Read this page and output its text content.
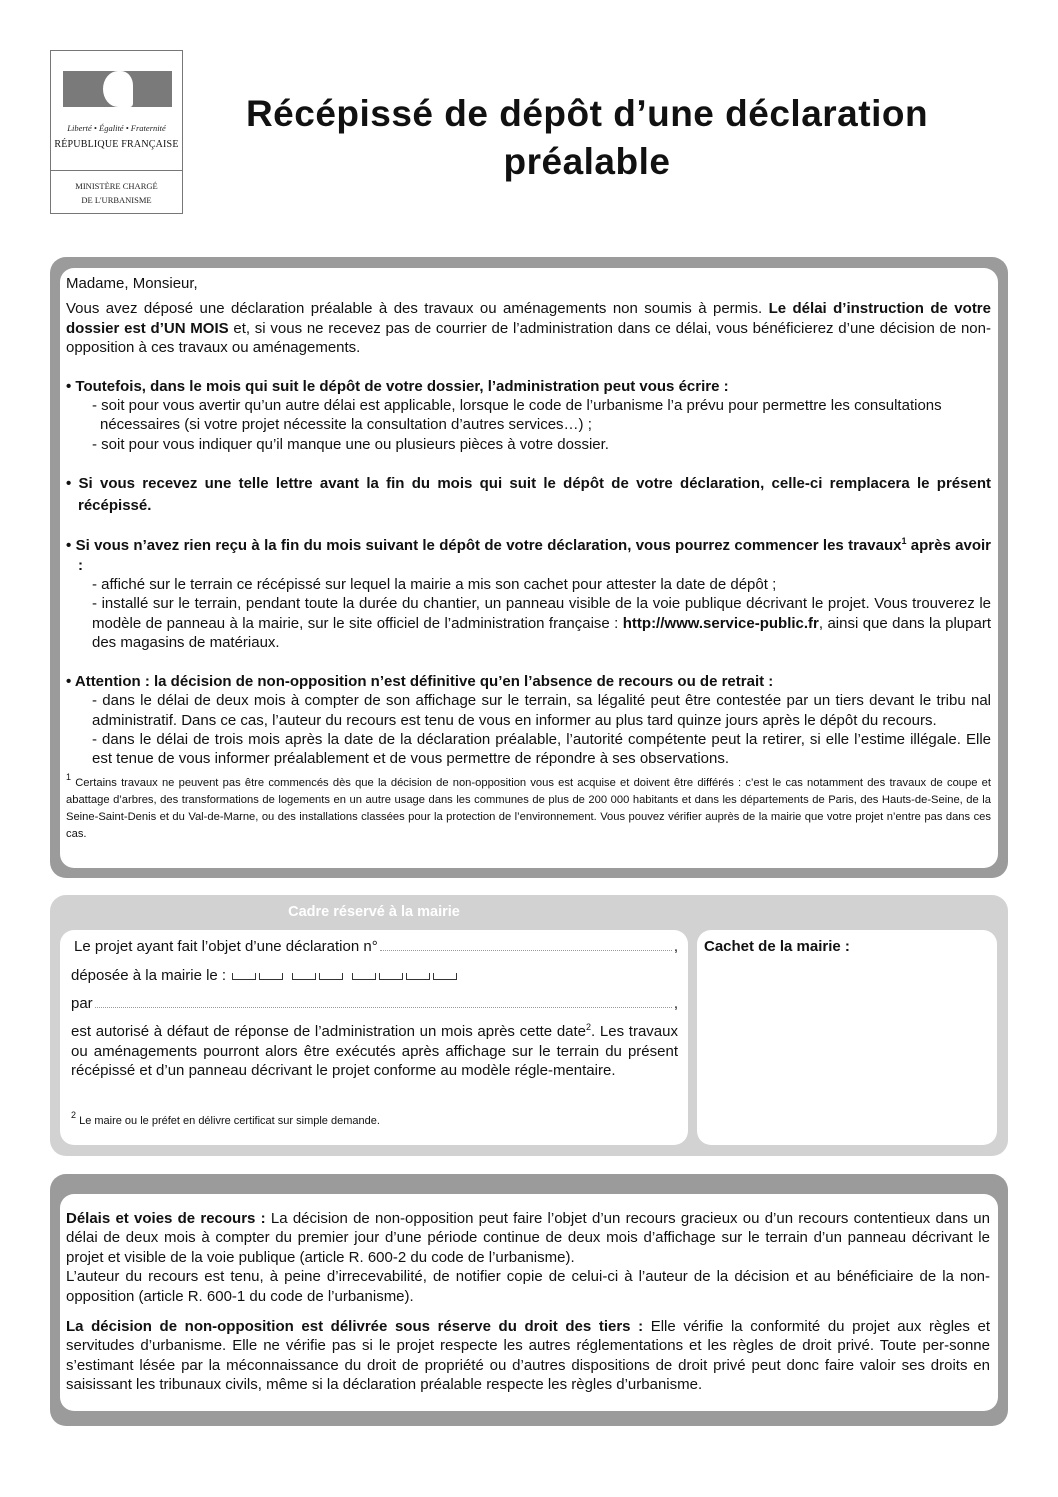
Liberté • Égalité • Fraternité
RÉPUBLIQUE FRANÇAISE
MINISTÈRE CHARGÉ
DE L'URBANISME
Récépissé de dépôt d’une déclaration préalable

Madame, Monsieur,

Vous avez déposé une déclaration préalable à des travaux ou aménagements non soumis à permis. Le délai d’instruction de votre dossier est d’UN MOIS et, si vous ne recevez pas de courrier de l’administration dans ce délai, vous bénéficierez d’une décision de non-opposition à ces travaux ou aménagements.

• Toutefois, dans le mois qui suit le dépôt de votre dossier, l’administration peut vous écrire :

- soit pour vous avertir qu’un autre délai est applicable, lorsque le code de l’urbanisme l’a prévu pour permettre les consultations

nécessaires (si votre projet nécessite la consultation d’autres services…) ;

- soit pour vous indiquer qu’il manque une ou plusieurs pièces à votre dossier.

• Si vous recevez une telle lettre avant la fin du mois qui suit le dépôt de votre déclaration, celle-ci remplacera le présent récépissé.

• Si vous n’avez rien reçu à la fin du mois suivant le dépôt de votre déclaration, vous pourrez commencer les travaux$^1$ après avoir :

- affiché sur le terrain ce récépissé sur lequel la mairie a mis son cachet pour attester la date de dépôt ;

- installé sur le terrain, pendant toute la durée du chantier, un panneau visible de la voie publique décrivant le projet. Vous trouverez le modèle de panneau à la mairie, sur le site officiel de l’administration française : http://www.service-public.fr, ainsi que dans la plupart des magasins de matériaux.

• Attention : la décision de non-opposition n’est définitive qu’en l’absence de recours ou de retrait :

- dans le délai de deux mois à compter de son affichage sur le terrain, sa légalité peut être contestée par un tiers devant le tribu nal administratif. Dans ce cas, l’auteur du recours est tenu de vous en informer au plus tard quinze jours après le dépôt du recours.

- dans le délai de trois mois après la date de la déclaration préalable, l’autorité compétente peut la retirer, si elle l’estime illégale. Elle est tenue de vous informer préalablement et de vous permettre de répondre à ses observations.

$^1$ Certains travaux ne peuvent pas être commencés dès que la décision de non-opposition vous est acquise et doivent être différés : c’est le cas notamment des travaux de coupe et abattage d’arbres, des transformations de logements en un autre usage dans les communes de plus de 200 000 habitants et dans les départements de Paris, des Hauts-de-Seine, de la Seine-Saint-Denis et du Val-de-Marne, ou des installations classées pour la protection de l’environnement. Vous pouvez vérifier auprès de la mairie que votre projet n’entre pas dans ces cas.

Cadre réservé à la mairie
Le projet ayant fait l’objet d’une déclaration n°	,
déposée à la mairie le :
par	,
est autorisé à défaut de réponse de l’administration un mois après cette date$^2$. Les travaux ou aménagements pourront alors être exécutés après affichage sur le terrain du présent récépissé et d’un panneau décrivant le projet conforme au modèle régle-mentaire.
$^2$ Le maire ou le préfet en délivre certificat sur simple demande.
Cachet de la mairie :

Délais et voies de recours : La décision de non-opposition peut faire l’objet d’un recours gracieux ou d’un recours contentieux dans un délai de deux mois à compter du premier jour d’une période continue de deux mois d’affichage sur le terrain d’un panneau décrivant le projet et visible de la voie publique (article R. 600-2 du code de l’urbanisme).

L’auteur du recours est tenu, à peine d’irrecevabilité, de notifier copie de celui-ci à l’auteur de la décision et au bénéficiaire de la non-opposition (article R. 600-1 du code de l’urbanisme).

La décision de non-opposition est délivrée sous réserve du droit des tiers : Elle vérifie la conformité du projet aux règles et servitudes d’urbanisme. Elle ne vérifie pas si le projet respecte les autres réglementations et les règles de droit privé. Toute per-sonne s’estimant lésée par la méconnaissance du droit de propriété ou d’autres dispositions de droit privé peut donc faire valoir ses droits en saisissant les tribunaux civils, même si la déclaration préalable respecte les règles d’urbanisme.
